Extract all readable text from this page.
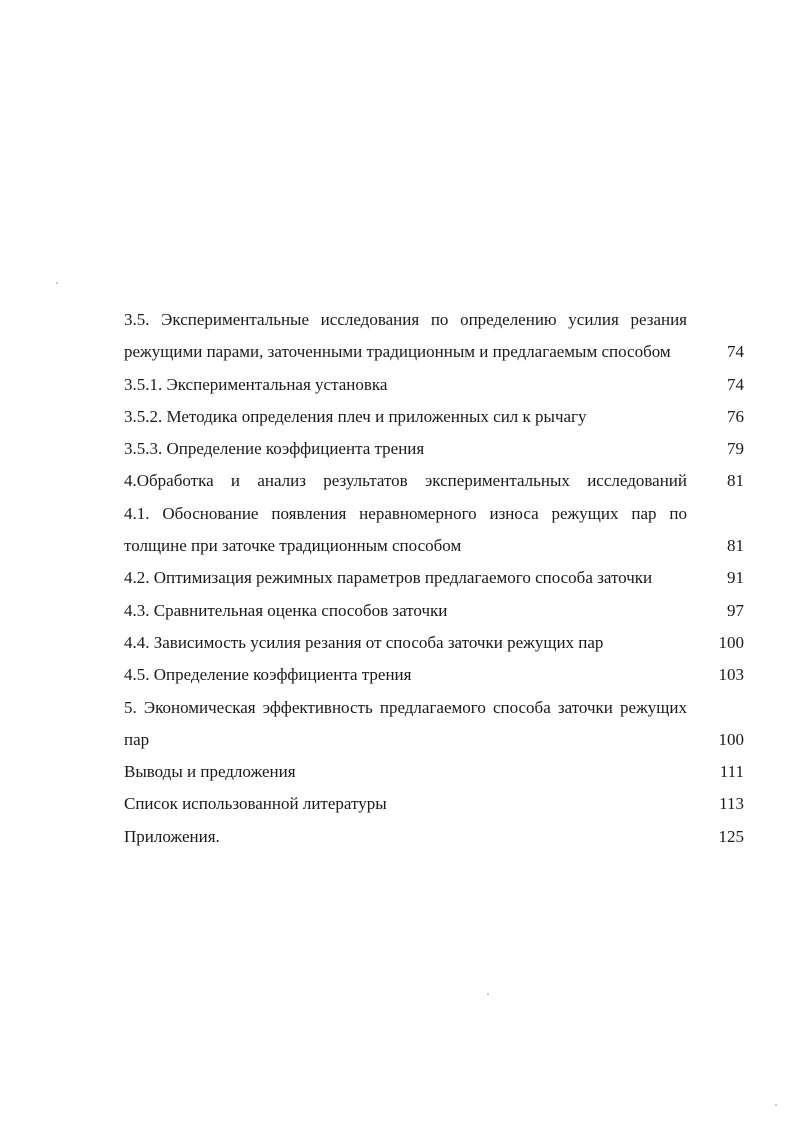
3.5. Экспериментальные исследования по определению усилия резания режущими парами, заточенными традиционным и предлагаемым способом	74
3.5.1. Экспериментальная установка	74
3.5.2. Методика определения плеч и приложенных сил к рычагу	76
3.5.3. Определение коэффициента трения	79
4.Обработка и анализ результатов экспериментальных исследований	81
4.1. Обоснование появления неравномерного износа режущих пар по толщине при заточке традиционным способом	81
4.2. Оптимизация режимных параметров предлагаемого способа заточки	91
4.3. Сравнительная оценка способов заточки	97
4.4. Зависимость усилия резания от способа заточки режущих пар	100
4.5. Определение коэффициента трения	103
5. Экономическая эффективность предлагаемого способа заточки режущих пар	100
Выводы и предложения	111
Список использованной литературы	113
Приложения.	125
